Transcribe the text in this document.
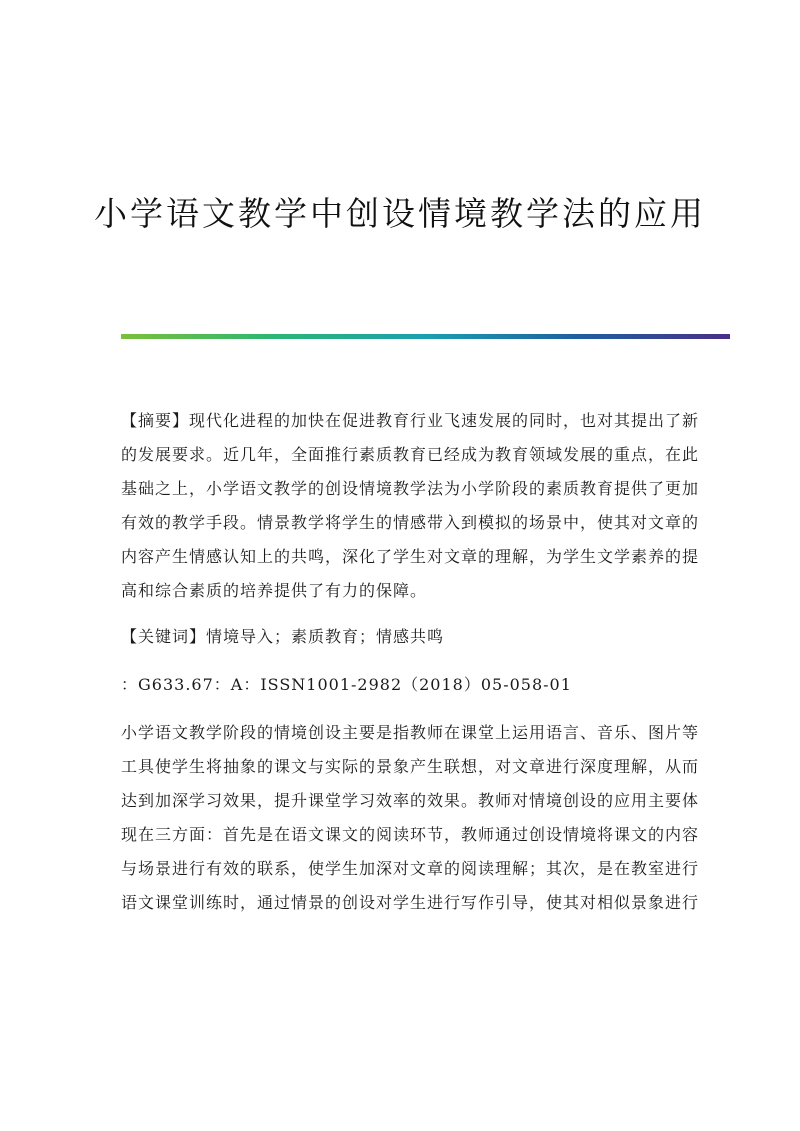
小学语文教学中创设情境教学法的应用
【摘要】现代化进程的加快在促进教育行业飞速发展的同时，也对其提出了新
的发展要求。近几年，全面推行素质教育已经成为教育领域发展的重点，在此
基础之上，小学语文教学的创设情境教学法为小学阶段的素质教育提供了更加
有效的教学手段。情景教学将学生的情感带入到模拟的场景中，使其对文章的
内容产生情感认知上的共鸣，深化了学生对文章的理解，为学生文学素养的提
高和综合素质的培养提供了有力的保障。
【关键词】情境导入；素质教育；情感共鸣
：G633.67：A：ISSN1001-2982（2018）05-058-01
小学语文教学阶段的情境创设主要是指教师在课堂上运用语言、音乐、图片等
工具使学生将抽象的课文与实际的景象产生联想，对文章进行深度理解，从而
达到加深学习效果，提升课堂学习效率的效果。教师对情境创设的应用主要体
现在三方面：首先是在语文课文的阅读环节，教师通过创设情境将课文的内容
与场景进行有效的联系，使学生加深对文章的阅读理解；其次，是在教室进行
语文课堂训练时，通过情景的创设对学生进行写作引导，使其对相似景象进行
